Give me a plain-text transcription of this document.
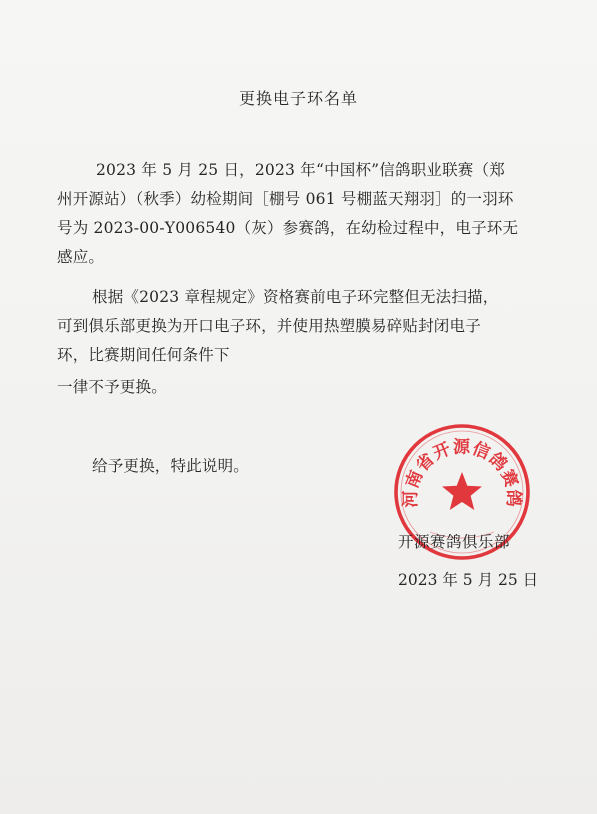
更换电子环名单
2023 年 5 月 25 日，2023 年“中国杯”信鸽职业联赛（郑
州开源站）（秋季）幼检期间［棚号 061 号棚蓝天翔羽］的一羽环
号为 2023-00-Y006540（灰）参赛鸽，在幼检过程中，电子环无
感应。
根据《2023 章程规定》资格赛前电子环完整但无法扫描，
可到俱乐部更换为开口电子环，并使用热塑膜易碎贴封闭电子
环，比赛期间任何条件下
一律不予更换。
给予更换，特此说明。
河南省开源信鸽赛鸽
开源赛鸽俱乐部
2023 年 5 月 25 日
